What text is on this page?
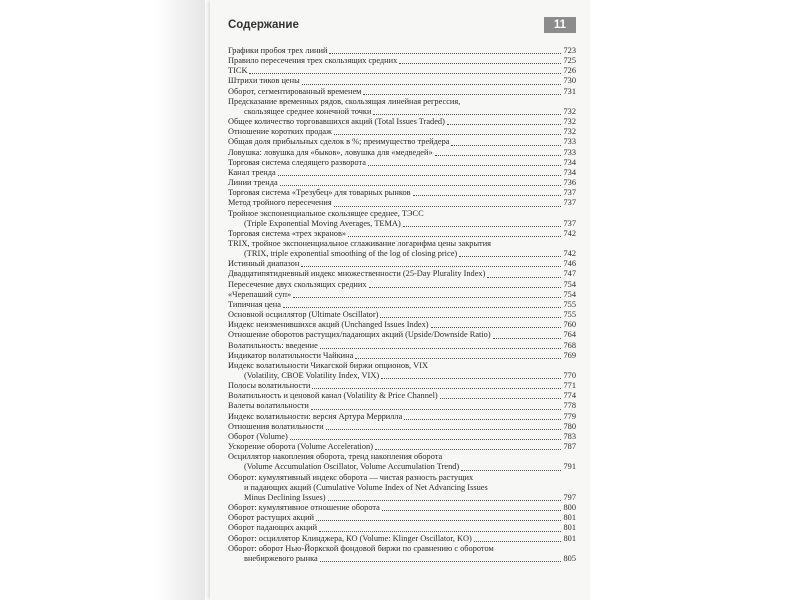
Содержание	11
Графики пробоя трех линий	723
Правило пересечения трех скользящих средних	725
TICK	726
Штрихи тиков цены	730
Оборот, сегментированный временем	731
Предсказание временных рядов, скользящая линейная регрессия,
скользящее среднее конечной точки	732
Общее количество торговавшихся акций (Total Issues Traded)	732
Отношение коротких продаж	732
Общая доля прибыльных сделок в %; преимущество трейдера	733
Ловушка: ловушка для «быков», ловушка для «медведей»	733
Торговая система следящего разворота	734
Канал тренда	734
Линии тренда	736
Торговая система «Трезубец» для товарных рынков	737
Метод тройного пересечения	737
Тройное экспоненциальное скользящее среднее, ТЭСС
(Triple Exponential Moving Averages, TEMA)	737
Торговая система «трех экранов»	742
TRIX, тройное экспоненциальное сглаживание логарифма цены закрытия
(TRIX, triple exponential smoothing of the log of closing price)	742
Истинный диапазон	746
Двадцатипятидневный индекс множественности (25-Day Plurality Index)	747
Пересечение двух скользящих средних	754
«Черепаший суп»	754
Типичная цена	755
Основной осциллятор (Ultimate Oscillator)	755
Индекс неизменившихся акций (Unchanged Issues Index)	760
Отношение оборотов растущих/падающих акций (Upside/Downside Ratio)	764
Волатильность: введение	768
Индикатор волатильности Чайкина	769
Индекс волатильности Чикагской биржи опционов, VIX
(Volatility, CBOE Volatility Index, VIX)	770
Полосы волатильности	771
Волатильность и ценовой канал (Volatility & Price Channel)	774
Валеты волатильности	778
Индекс волатильности: версия Артура Меррилла	779
Отношения волатильности	780
Оборот (Volume)	783
Ускорение оборота (Volume Acceleration)	787
Осциллятор накопления оборота, тренд накопления оборота
(Volume Accumulation Oscillator, Volume Accumulation Trend)	791
Оборот: кумулятивный индекс оборота — чистая разность растущих
и падающих акций (Cumulative Volume Index of Net Advancing Issues
Minus Declining Issues)	797
Оборот: кумулятивное отношение оборота	800
Оборот растущих акций	801
Оборот падающих акций	801
Оборот: осциллятор Клинджера, КО (Volume: Klinger Oscillator, KO)	801
Оборот: оборот Нью-Йоркской фондовой биржи по сравнению с оборотом
внебиржевого рынка	805
